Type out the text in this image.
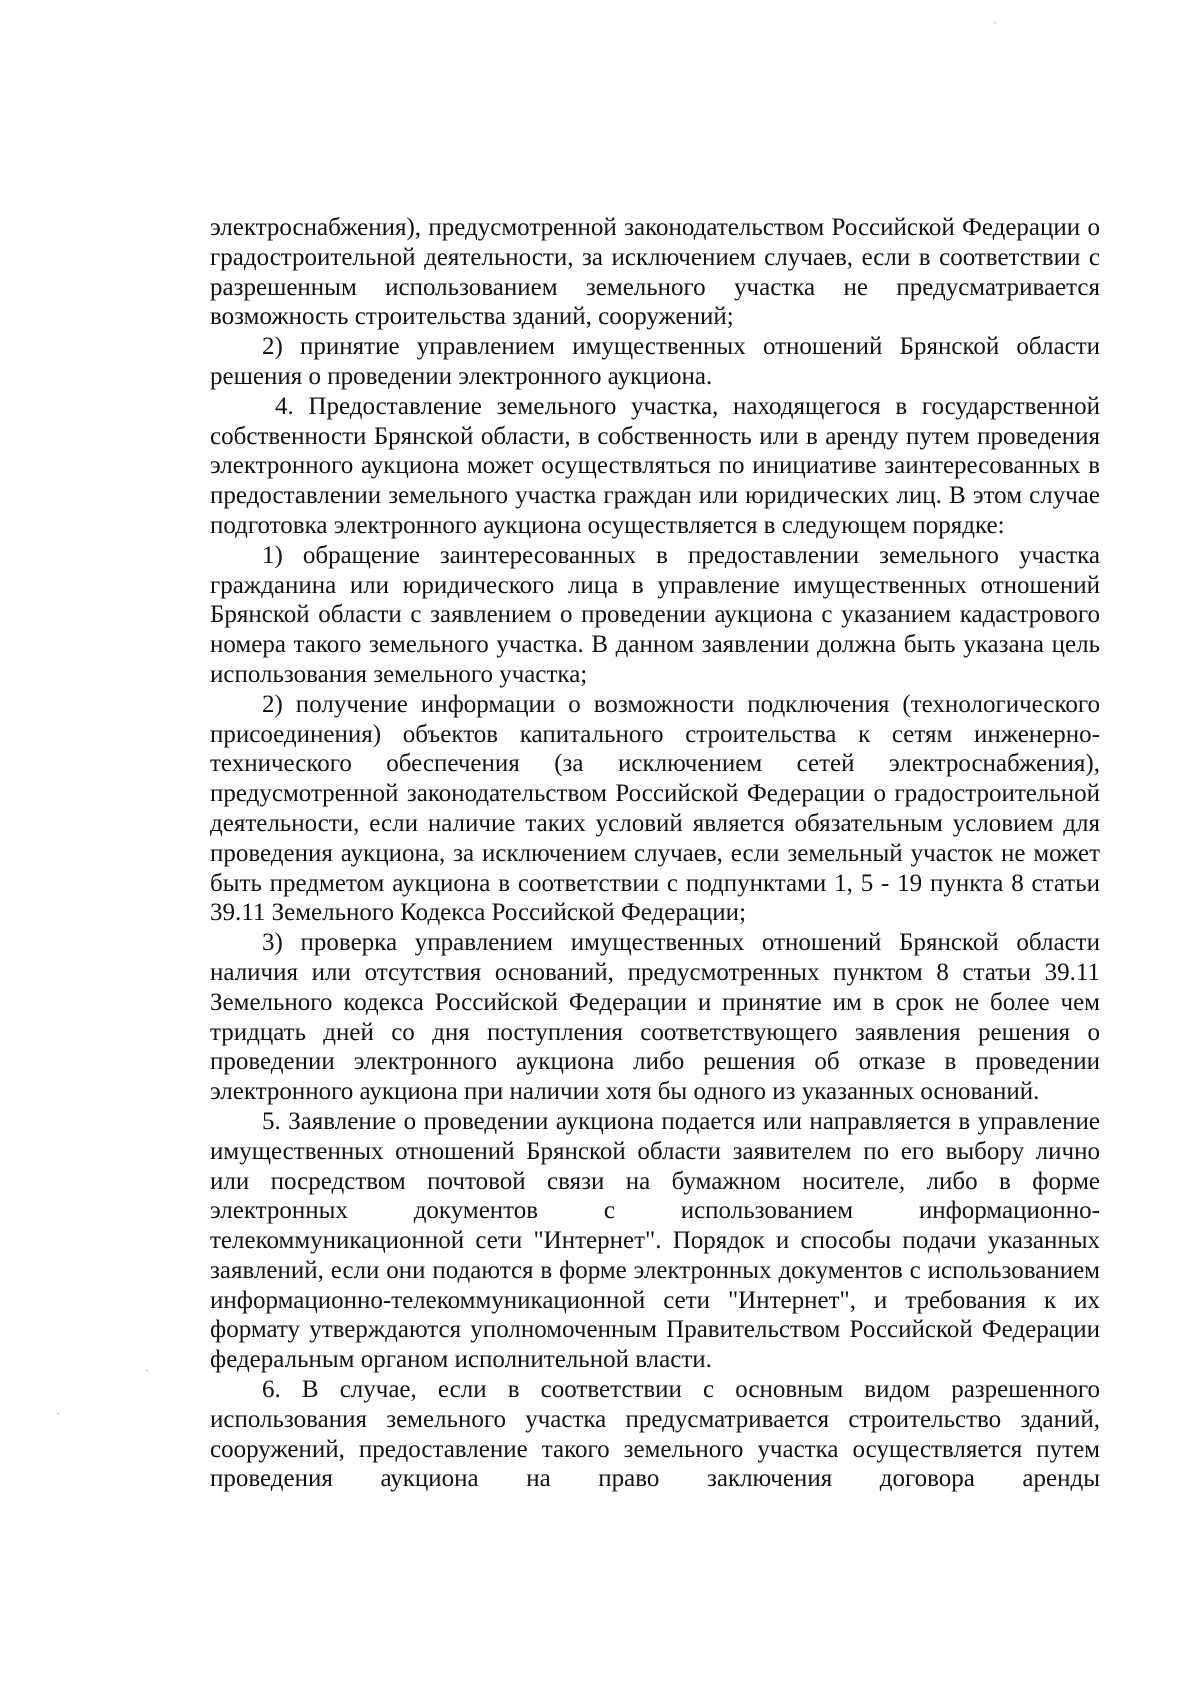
электроснабжения), предусмотренной законодательством Российской Федерации о градостроительной деятельности, за исключением случаев, если в соответствии с разрешенным использованием земельного участка не предусматривается возможность строительства зданий, сооружений;

2) принятие управлением имущественных отношений Брянской области решения о проведении электронного аукциона.

4. Предоставление земельного участка, находящегося в государственной собственности Брянской области, в собственность или в аренду путем проведения электронного аукциона может осуществляться по инициативе заинтересованных в предоставлении земельного участка граждан или юридических лиц. В этом случае подготовка электронного аукциона осуществляется в следующем порядке:

1) обращение заинтересованных в предоставлении земельного участка гражданина или юридического лица в управление имущественных отношений Брянской области с заявлением о проведении аукциона с указанием кадастрового номера такого земельного участка. В данном заявлении должна быть указана цель использования земельного участка;

2) получение информации о возможности подключения (технологического присоединения) объектов капитального строительства к сетям инженерно-технического обеспечения (за исключением сетей электроснабжения), предусмотренной законодательством Российской Федерации о градостроительной деятельности, если наличие таких условий является обязательным условием для проведения аукциона, за исключением случаев, если земельный участок не может быть предметом аукциона в соответствии с подпунктами 1, 5 - 19 пункта 8 статьи 39.11 Земельного Кодекса Российской Федерации;

3) проверка управлением имущественных отношений Брянской области наличия или отсутствия оснований, предусмотренных пунктом 8 статьи 39.11 Земельного кодекса Российской Федерации и принятие им в срок не более чем тридцать дней со дня поступления соответствующего заявления решения о проведении электронного аукциона либо решения об отказе в проведении электронного аукциона при наличии хотя бы одного из указанных оснований.

5. Заявление о проведении аукциона подается или направляется в управление имущественных отношений Брянской области заявителем по его выбору лично или посредством почтовой связи на бумажном носителе, либо в форме электронных документов с использованием информационно-телекоммуникационной сети "Интернет". Порядок и способы подачи указанных заявлений, если они подаются в форме электронных документов с использованием информационно-телекоммуникационной сети "Интернет", и требования к их формату утверждаются уполномоченным Правительством Российской Федерации федеральным органом исполнительной власти.

6. В случае, если в соответствии с основным видом разрешенного использования земельного участка предусматривается строительство зданий, сооружений, предоставление такого земельного участка осуществляется путем проведения аукциона на право заключения договора аренды
